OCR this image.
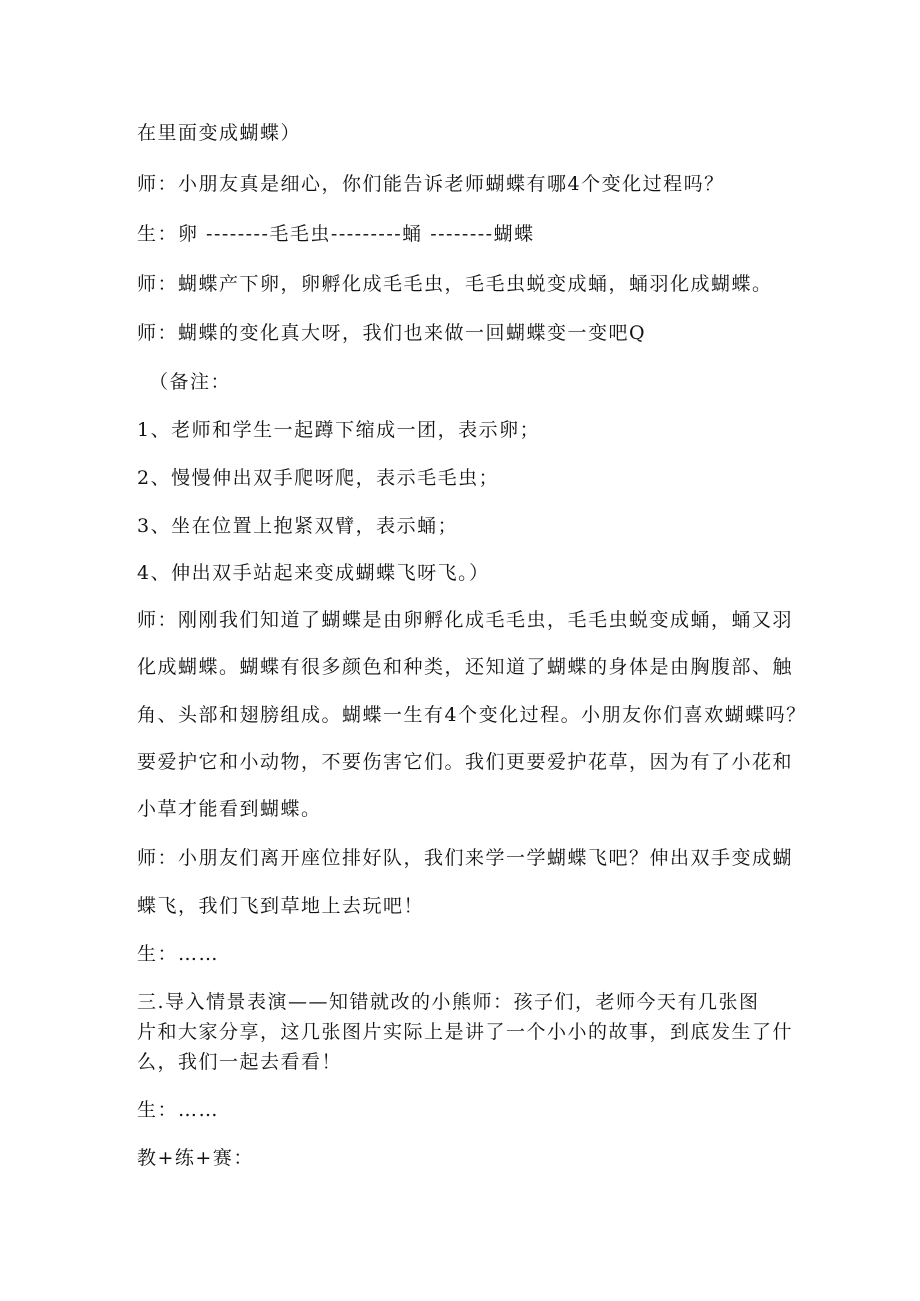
在里面变成蝴蝶）
师：小朋友真是细心，你们能告诉老师蝴蝶有哪4个变化过程吗？
生：卵 --------毛毛虫---------蛹 --------蝴蝶
师：蝴蝶产下卵，卵孵化成毛毛虫，毛毛虫蜕变成蛹，蛹羽化成蝴蝶。
师：蝴蝶的变化真大呀，我们也来做一回蝴蝶变一变吧Q
（备注：
1、老师和学生一起蹲下缩成一团，表示卵；
2、慢慢伸出双手爬呀爬，表示毛毛虫；
3、坐在位置上抱紧双臂，表示蛹；
4、伸出双手站起来变成蝴蝶飞呀飞。）
师：刚刚我们知道了蝴蝶是由卵孵化成毛毛虫，毛毛虫蜕变成蛹，蛹又羽
化成蝴蝶。蝴蝶有很多颜色和种类，还知道了蝴蝶的身体是由胸腹部、触
角、头部和翅膀组成。蝴蝶一生有4个变化过程。小朋友你们喜欢蝴蝶吗？
要爱护它和小动物，不要伤害它们。我们更要爱护花草，因为有了小花和
小草才能看到蝴蝶。
师：小朋友们离开座位排好队，我们来学一学蝴蝶飞吧？伸出双手变成蝴
蝶飞，我们飞到草地上去玩吧！
生：……
三.导入情景表演——知错就改的小熊师：孩子们，老师今天有几张图
片和大家分享，这几张图片实际上是讲了一个小小的故事，到底发生了什
么，我们一起去看看！
生：……
教+练+赛：
